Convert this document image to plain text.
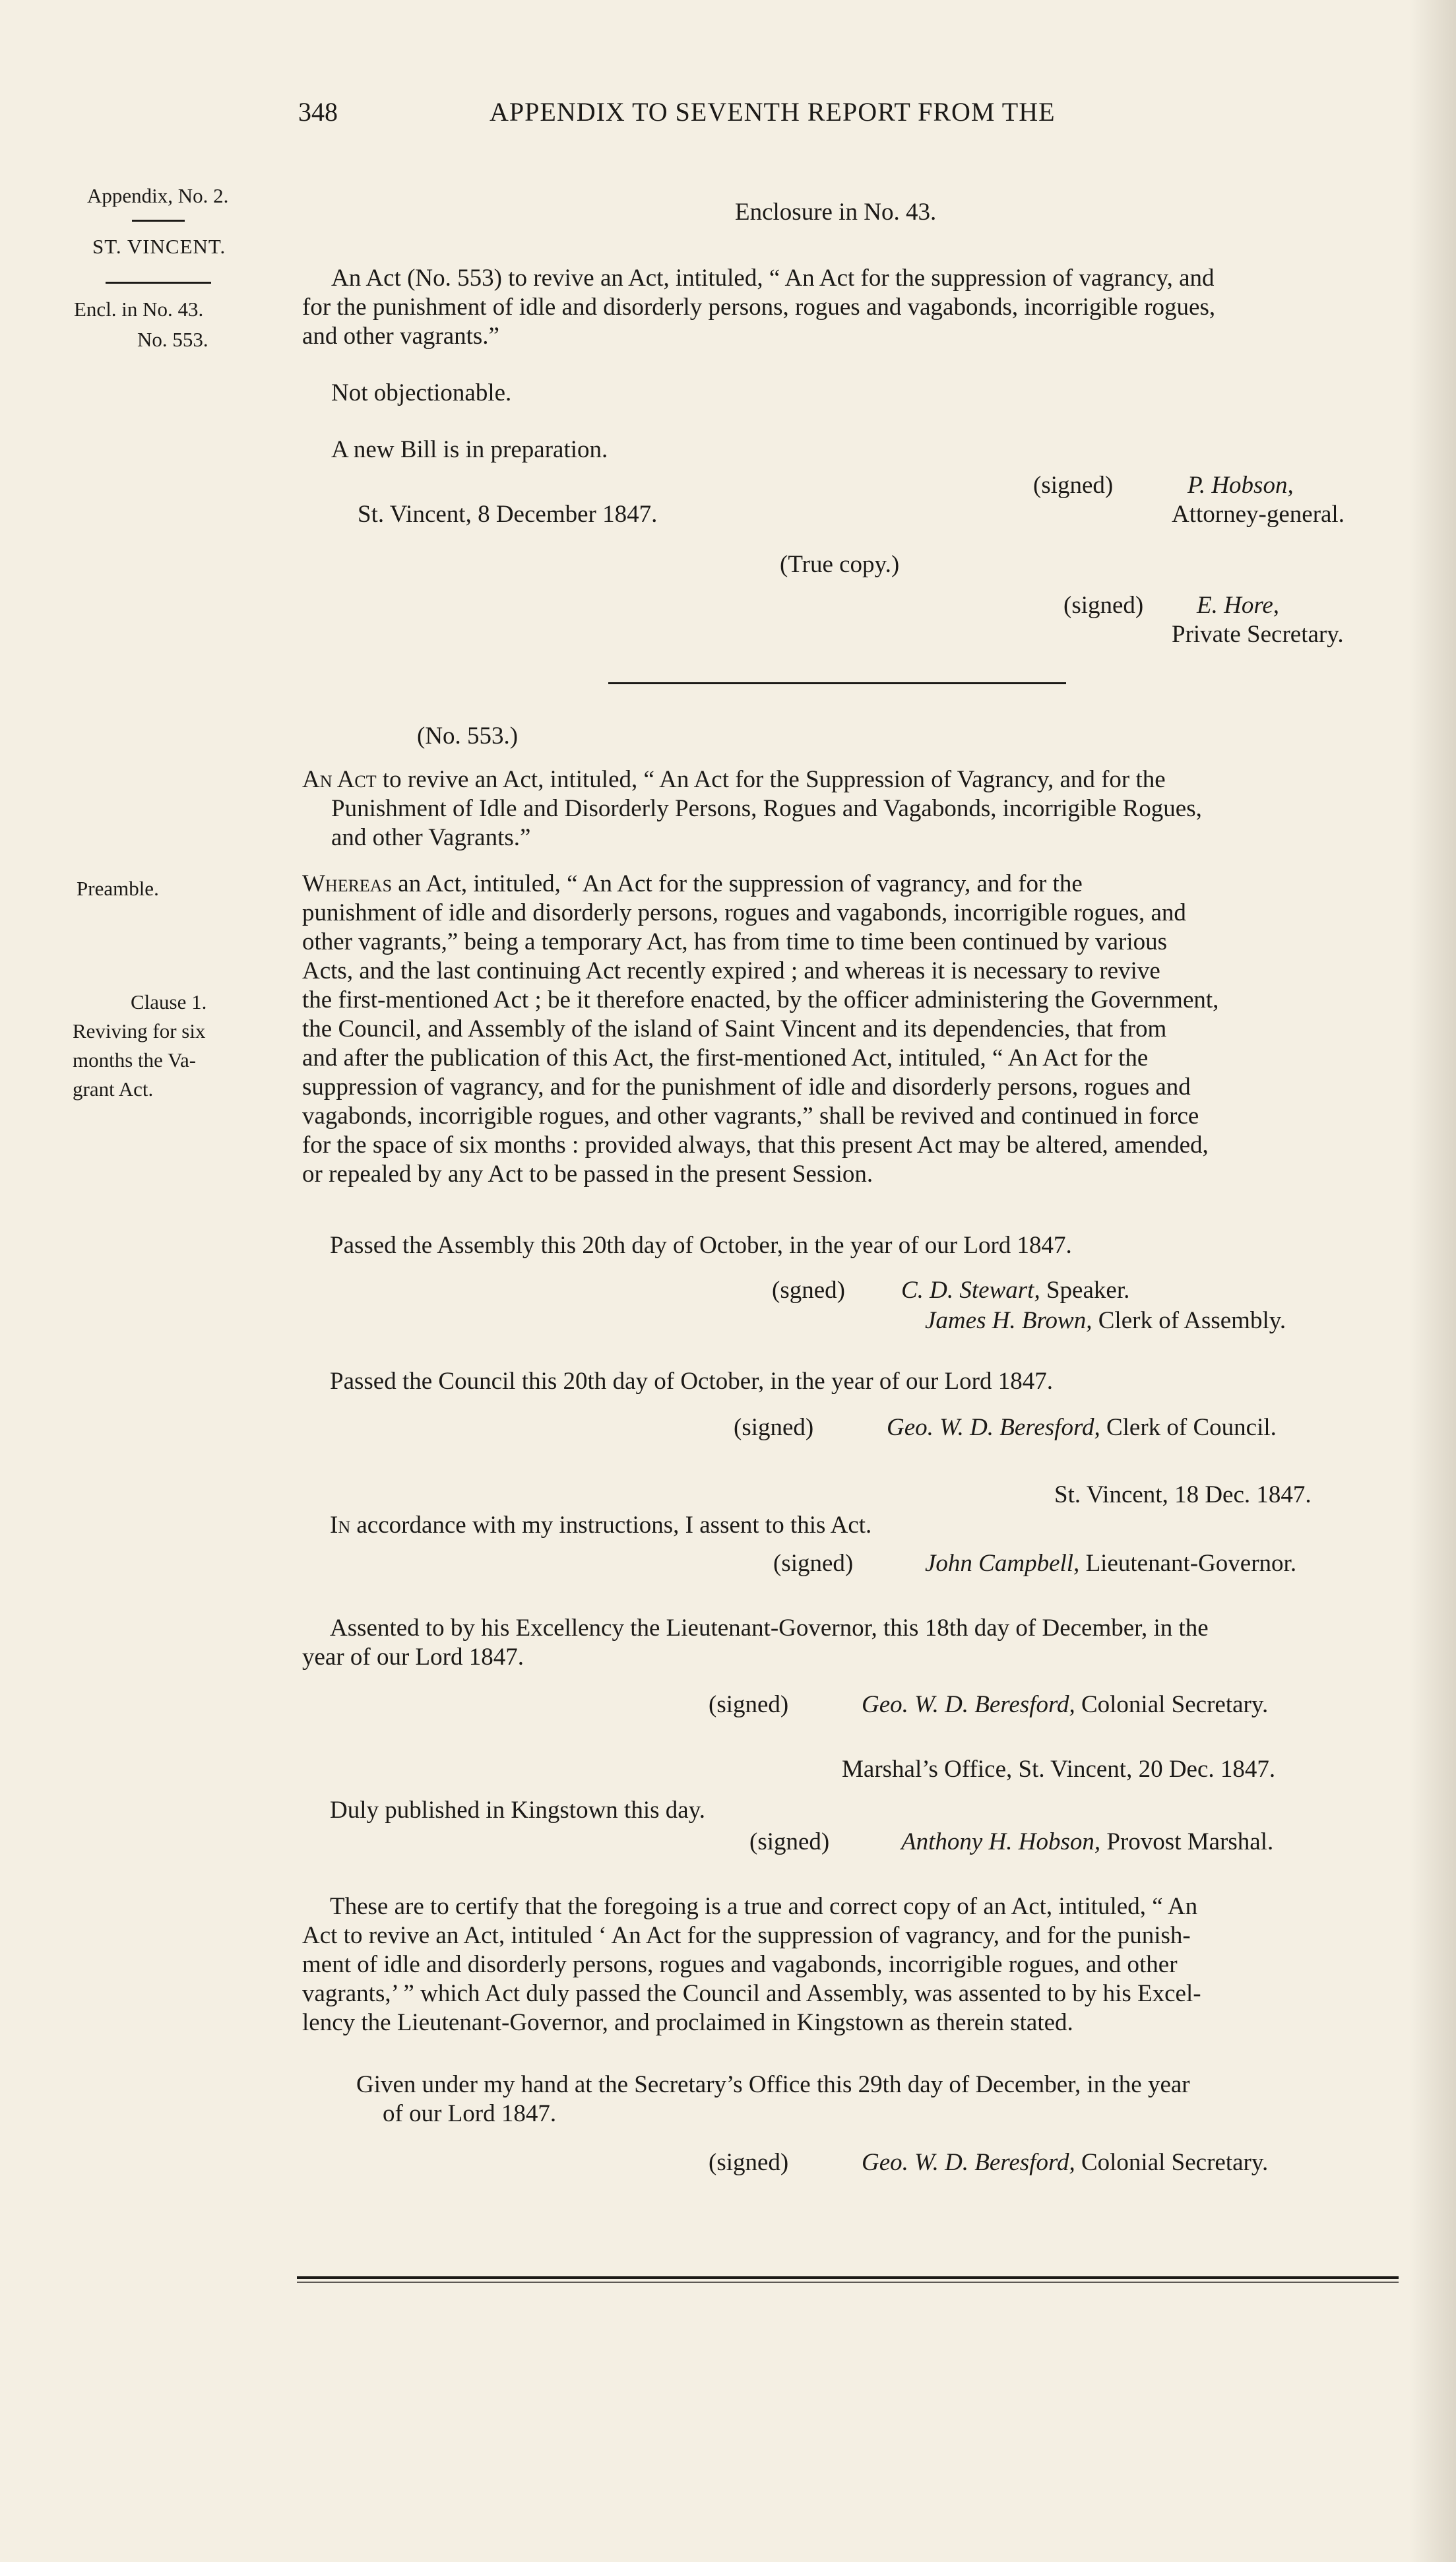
348	APPENDIX TO SEVENTH REPORT FROM THE
Appendix, No. 2.
ST. VINCENT.
Encl. in No. 43.
No. 553.
Preamble.
Clause 1.
Reviving for six
months the Va-
grant Act.
Enclosure in No. 43.
An Act (No. 553) to revive an Act, intituled, “ An Act for the suppression of vagrancy, and
for the punishment of idle and disorderly persons, rogues and vagabonds, incorrigible rogues,
and other vagrants.”
Not objectionable.
A new Bill is in preparation.
(signed)	P. Hobson,
St. Vincent, 8 December 1847.	Attorney-general.
(True copy.)
(signed) E. Hore,
Private Secretary.
(No. 553.)
An Act to revive an Act, intituled, “ An Act for the Suppression of Vagrancy, and for the
Punishment of Idle and Disorderly Persons, Rogues and Vagabonds, incorrigible Rogues,
and other Vagrants.”
Whereas an Act, intituled, “ An Act for the suppression of vagrancy, and for the
punishment of idle and disorderly persons, rogues and vagabonds, incorrigible rogues, and
other vagrants,” being a temporary Act, has from time to time been continued by various
Acts, and the last continuing Act recently expired ; and whereas it is necessary to revive
the first-mentioned Act ; be it therefore enacted, by the officer administering the Government,
the Council, and Assembly of the island of Saint Vincent and its dependencies, that from
and after the publication of this Act, the first-mentioned Act, intituled, “ An Act for the
suppression of vagrancy, and for the punishment of idle and disorderly persons, rogues and
vagabonds, incorrigible rogues, and other vagrants,” shall be revived and continued in force
for the space of six months : provided always, that this present Act may be altered, amended,
or repealed by any Act to be passed in the present Session.
Passed the Assembly this 20th day of October, in the year of our Lord 1847.
(sgned) C. D. Stewart, Speaker.
James H. Brown, Clerk of Assembly.
Passed the Council this 20th day of October, in the year of our Lord 1847.
(signed)	Geo. W. D. Beresford, Clerk of Council.
St. Vincent, 18 Dec. 1847.
In accordance with my instructions, I assent to this Act.
(signed)	John Campbell, Lieutenant-Governor.
Assented to by his Excellency the Lieutenant-Governor, this 18th day of December, in the
year of our Lord 1847.
(signed)	Geo. W. D. Beresford, Colonial Secretary.
Marshal’s Office, St. Vincent, 20 Dec. 1847.
Duly published in Kingstown this day.
(signed)	Anthony H. Hobson, Provost Marshal.
These are to certify that the foregoing is a true and correct copy of an Act, intituled, “ An
Act to revive an Act, intituled ‘ An Act for the suppression of vagrancy, and for the punish-
ment of idle and disorderly persons, rogues and vagabonds, incorrigible rogues, and other
vagrants,’ ” which Act duly passed the Council and Assembly, was assented to by his Excel-
lency the Lieutenant-Governor, and proclaimed in Kingstown as therein stated.
Given under my hand at the Secretary’s Office this 29th day of December, in the year
of our Lord 1847.
(signed)	Geo. W. D. Beresford, Colonial Secretary.
